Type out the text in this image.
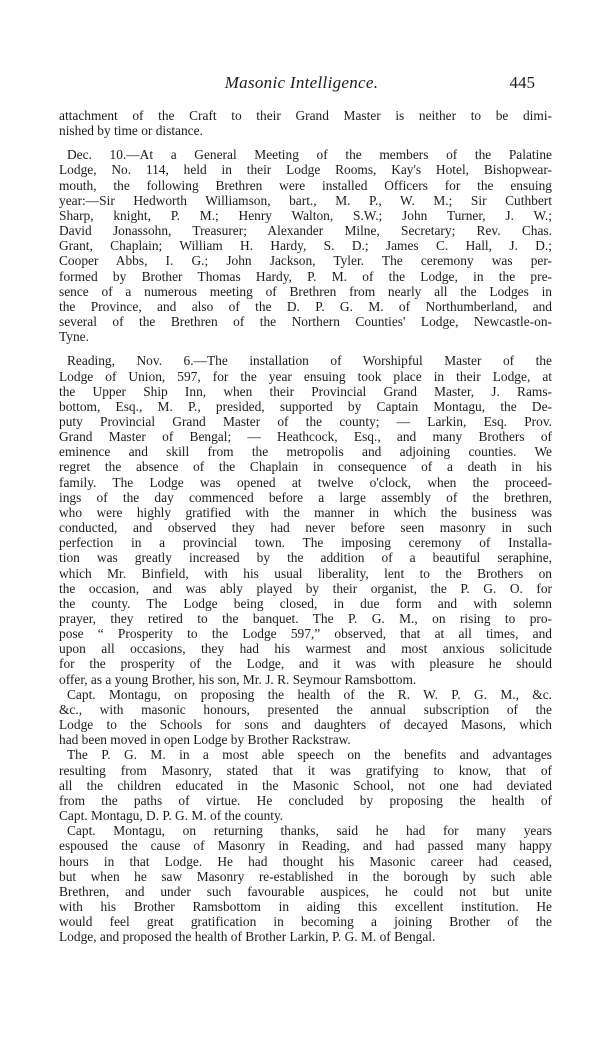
Masonic Intelligence.	445
attachment of the Craft to their Grand Master is neither to be dimi-
nished by time or distance.
Dec. 10.—At a General Meeting of the members of the Palatine
Lodge, No. 114, held in their Lodge Rooms, Kay's Hotel, Bishopwear-
mouth, the following Brethren were installed Officers for the ensuing
year:—Sir Hedworth Williamson, bart., M. P., W. M.; Sir Cuthbert
Sharp, knight, P. M.; Henry Walton, S.W.; John Turner, J. W.;
David Jonassohn, Treasurer; Alexander Milne, Secretary; Rev. Chas.
Grant, Chaplain; William H. Hardy, S. D.; James C. Hall, J. D.;
Cooper Abbs, I. G.; John Jackson, Tyler. The ceremony was per-
formed by Brother Thomas Hardy, P. M. of the Lodge, in the pre-
sence of a numerous meeting of Brethren from nearly all the Lodges in
the Province, and also of the D. P. G. M. of Northumberland, and
several of the Brethren of the Northern Counties' Lodge, Newcastle-on-
Tyne.
Reading, Nov. 6.—The installation of Worshipful Master of the
Lodge of Union, 597, for the year ensuing took place in their Lodge, at
the Upper Ship Inn, when their Provincial Grand Master, J. Rams-
bottom, Esq., M. P., presided, supported by Captain Montagu, the De-
puty Provincial Grand Master of the county; — Larkin, Esq. Prov.
Grand Master of Bengal; — Heathcock, Esq., and many Brothers of
eminence and skill from the metropolis and adjoining counties. We
regret the absence of the Chaplain in consequence of a death in his
family. The Lodge was opened at twelve o'clock, when the proceed-
ings of the day commenced before a large assembly of the brethren,
who were highly gratified with the manner in which the business was
conducted, and observed they had never before seen masonry in such
perfection in a provincial town. The imposing ceremony of Installa-
tion was greatly increased by the addition of a beautiful seraphine,
which Mr. Binfield, with his usual liberality, lent to the Brothers on
the occasion, and was ably played by their organist, the P. G. O. for
the county. The Lodge being closed, in due form and with solemn
prayer, they retired to the banquet. The P. G. M., on rising to pro-
pose “ Prosperity to the Lodge 597,” observed, that at all times, and
upon all occasions, they had his warmest and most anxious solicitude
for the prosperity of the Lodge, and it was with pleasure he should
offer, as a young Brother, his son, Mr. J. R. Seymour Ramsbottom.
Capt. Montagu, on proposing the health of the R. W. P. G. M., &c.
&c., with masonic honours, presented the annual subscription of the
Lodge to the Schools for sons and daughters of decayed Masons, which
had been moved in open Lodge by Brother Rackstraw.
The P. G. M. in a most able speech on the benefits and advantages
resulting from Masonry, stated that it was gratifying to know, that of
all the children educated in the Masonic School, not one had deviated
from the paths of virtue. He concluded by proposing the health of
Capt. Montagu, D. P. G. M. of the county.
Capt. Montagu, on returning thanks, said he had for many years
espoused the cause of Masonry in Reading, and had passed many happy
hours in that Lodge. He had thought his Masonic career had ceased,
but when he saw Masonry re-established in the borough by such able
Brethren, and under such favourable auspices, he could not but unite
with his Brother Ramsbottom in aiding this excellent institution. He
would feel great gratification in becoming a joining Brother of the
Lodge, and proposed the health of Brother Larkin, P. G. M. of Bengal.
